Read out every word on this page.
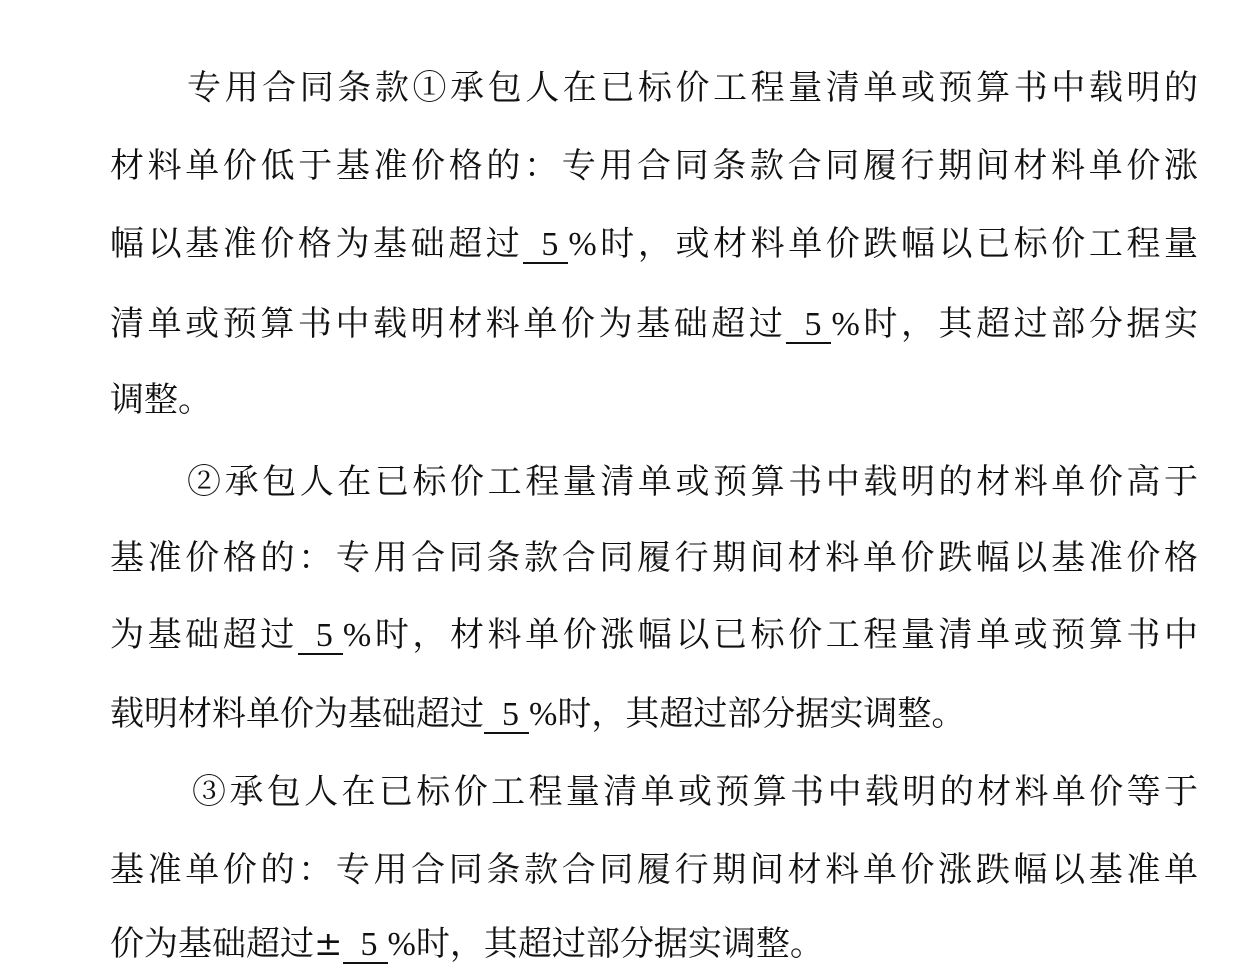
专用合同条款①承包人在已标价工程量清单或预算书中载明的

材料单价低于基准价格的：专用合同条款合同履行期间材料单价涨

幅以基准价格为基础超过 5 %时，或材料单价跌幅以已标价工程量

清单或预算书中载明材料单价为基础超过 5 %时，其超过部分据实

调整。

②承包人在已标价工程量清单或预算书中载明的材料单价高于

基准价格的：专用合同条款合同履行期间材料单价跌幅以基准价格

为基础超过 5 %时，材料单价涨幅以已标价工程量清单或预算书中

载明材料单价为基础超过 5 %时，其超过部分据实调整。

③承包人在已标价工程量清单或预算书中载明的材料单价等于

基准单价的：专用合同条款合同履行期间材料单价涨跌幅以基准单

价为基础超过± 5 %时，其超过部分据实调整。
